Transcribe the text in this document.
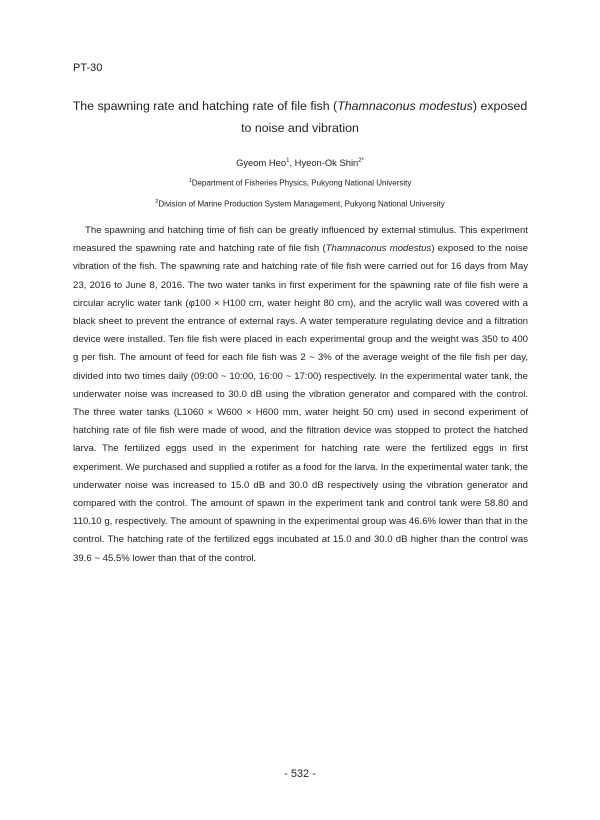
PT-30
The spawning rate and hatching rate of file fish (Thamnaconus modestus) exposed
to noise and vibration
Gyeom Heo$^1$, Hyeon-Ok Shin$^{2*}$
$^1$Department of Fisheries Physics, Pukyong National University
$^2$Division of Marine Production System Management, Pukyong National University

The spawning and hatching time of fish can be greatly influenced by external stimulus. This experiment measured the spawning rate and hatching rate of file fish (Thamnaconus modestus) exposed to the noise vibration of the fish. The spawning rate and hatching rate of file fish were carried out for 16 days from May 23, 2016 to June 8, 2016. The two water tanks in first experiment for the spawning rate of file fish were a circular acrylic water tank (φ100 × H100 cm, water height 80 cm), and the acrylic wall was covered with a black sheet to prevent the entrance of external rays. A water temperature regulating device and a filtration device were installed. Ten file fish were placed in each experimental group and the weight was 350 to 400 g per fish. The amount of feed for each file fish was 2 ~ 3% of the average weight of the file fish per day, divided into two times daily (09:00 ~ 10:00, 16:00 ~ 17:00) respectively. In the experimental water tank, the underwater noise was increased to 30.0 dB using the vibration generator and compared with the control. The three water tanks (L1060 × W600 × H600 mm, water height 50 cm) used in second experiment of hatching rate of file fish were made of wood, and the filtration device was stopped to protect the hatched larva. The fertilized eggs used in the experiment for hatching rate were the fertilized eggs in first experiment. We purchased and supplied a rotifer as a food for the larva. In the experimental water tank, the underwater noise was increased to 15.0 dB and 30.0 dB respectively using the vibration generator and compared with the control. The amount of spawn in the experiment tank and control tank were 58.80 and 110.10 g, respectively. The amount of spawning in the experimental group was 46.6% lower than that in the control. The hatching rate of the fertilized eggs incubated at 15.0 and 30.0 dB higher than the control was 39.6 ~ 45.5% lower than that of the control.

- 532 -
